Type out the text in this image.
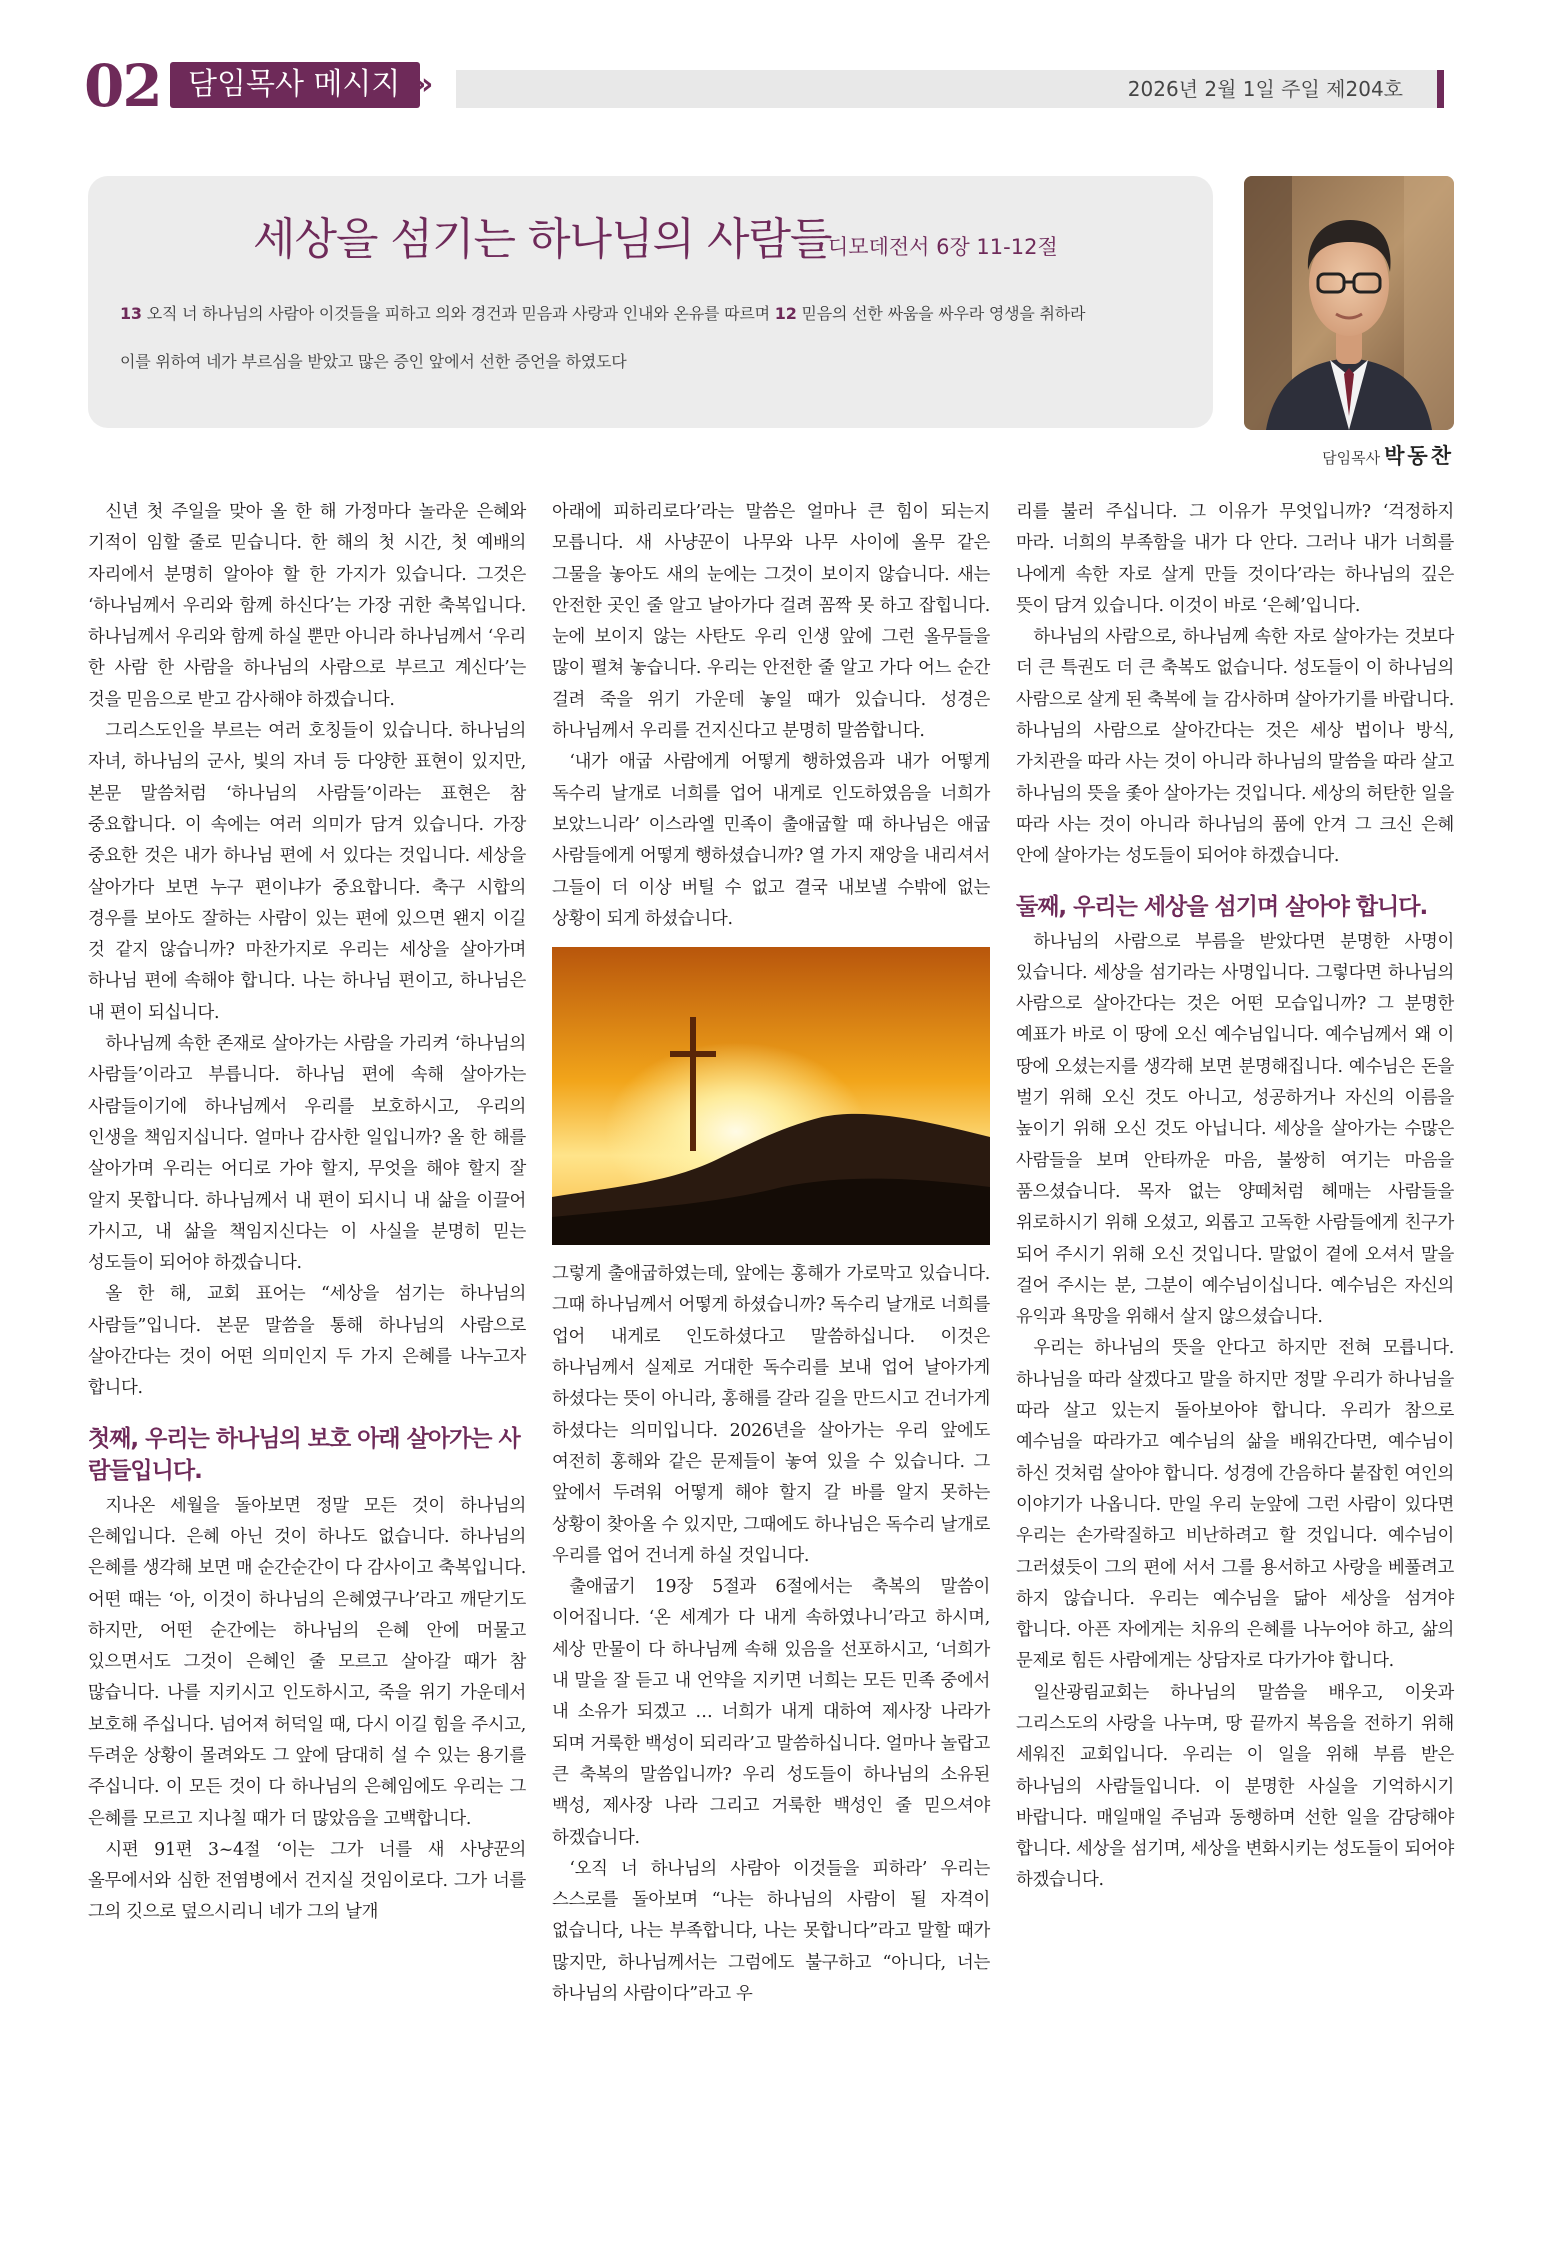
02 담임목사 메시지 »	2026년 2월 1일 주일 제204호
세상을 섬기는 하나님의 사람들
디모데전서 6장 11-12절
13 오직 너 하나님의 사람아 이것들을 피하고 의와 경건과 믿음과 사랑과 인내와 온유를 따르며 12 믿음의 선한 싸움을 싸우라 영생을 취하라
이를 위하여 네가 부르심을 받았고 많은 증인 앞에서 선한 증언을 하였도다
담임목사 박동찬

신년 첫 주일을 맞아 올 한 해 가정마다 놀라운 은혜와 기적이 임할 줄로 믿습니다. 한 해의 첫 시간, 첫 예배의 자리에서 분명히 알아야 할 한 가지가 있습니다. 그것은 ‘하나님께서 우리와 함께 하신다’는 가장 귀한 축복입니다. 하나님께서 우리와 함께 하실 뿐만 아니라 하나님께서 ‘우리 한 사람 한 사람을 하나님의 사람으로 부르고 계신다’는 것을 믿음으로 받고 감사해야 하겠습니다.

그리스도인을 부르는 여러 호칭들이 있습니다. 하나님의 자녀, 하나님의 군사, 빛의 자녀 등 다양한 표현이 있지만, 본문 말씀처럼 ‘하나님의 사람들’이라는 표현은 참 중요합니다. 이 속에는 여러 의미가 담겨 있습니다. 가장 중요한 것은 내가 하나님 편에 서 있다는 것입니다. 세상을 살아가다 보면 누구 편이냐가 중요합니다. 축구 시합의 경우를 보아도 잘하는 사람이 있는 편에 있으면 왠지 이길 것 같지 않습니까? 마찬가지로 우리는 세상을 살아가며 하나님 편에 속해야 합니다. 나는 하나님 편이고, 하나님은 내 편이 되십니다.

하나님께 속한 존재로 살아가는 사람을 가리켜 ‘하나님의 사람들’이라고 부릅니다. 하나님 편에 속해 살아가는 사람들이기에 하나님께서 우리를 보호하시고, 우리의 인생을 책임지십니다. 얼마나 감사한 일입니까? 올 한 해를 살아가며 우리는 어디로 가야 할지, 무엇을 해야 할지 잘 알지 못합니다. 하나님께서 내 편이 되시니 내 삶을 이끌어 가시고, 내 삶을 책임지신다는 이 사실을 분명히 믿는 성도들이 되어야 하겠습니다.

올 한 해, 교회 표어는 “세상을 섬기는 하나님의 사람들”입니다. 본문 말씀을 통해 하나님의 사람으로 살아간다는 것이 어떤 의미인지 두 가지 은혜를 나누고자 합니다.

첫째, 우리는 하나님의 보호 아래 살아가는 사람들입니다.

지나온 세월을 돌아보면 정말 모든 것이 하나님의 은혜입니다. 은혜 아닌 것이 하나도 없습니다. 하나님의 은혜를 생각해 보면 매 순간순간이 다 감사이고 축복입니다. 어떤 때는 ‘아, 이것이 하나님의 은혜였구나’라고 깨닫기도 하지만, 어떤 순간에는 하나님의 은혜 안에 머물고 있으면서도 그것이 은혜인 줄 모르고 살아갈 때가 참 많습니다. 나를 지키시고 인도하시고, 죽을 위기 가운데서 보호해 주십니다. 넘어져 허덕일 때, 다시 이길 힘을 주시고, 두려운 상황이 몰려와도 그 앞에 담대히 설 수 있는 용기를 주십니다. 이 모든 것이 다 하나님의 은혜임에도 우리는 그 은혜를 모르고 지나칠 때가 더 많았음을 고백합니다.

시편 91편 3~4절 ‘이는 그가 너를 새 사냥꾼의 올무에서와 심한 전염병에서 건지실 것임이로다. 그가 너를 그의 깃으로 덮으시리니 네가 그의 날개

아래에 피하리로다’라는 말씀은 얼마나 큰 힘이 되는지 모릅니다. 새 사냥꾼이 나무와 나무 사이에 올무 같은 그물을 놓아도 새의 눈에는 그것이 보이지 않습니다. 새는 안전한 곳인 줄 알고 날아가다 걸려 꼼짝 못 하고 잡힙니다. 눈에 보이지 않는 사탄도 우리 인생 앞에 그런 올무들을 많이 펼쳐 놓습니다. 우리는 안전한 줄 알고 가다 어느 순간 걸려 죽을 위기 가운데 놓일 때가 있습니다. 성경은 하나님께서 우리를 건지신다고 분명히 말씀합니다.

‘내가 애굽 사람에게 어떻게 행하였음과 내가 어떻게 독수리 날개로 너희를 업어 내게로 인도하였음을 너희가 보았느니라’ 이스라엘 민족이 출애굽할 때 하나님은 애굽 사람들에게 어떻게 행하셨습니까? 열 가지 재앙을 내리셔서 그들이 더 이상 버틸 수 없고 결국 내보낼 수밖에 없는 상황이 되게 하셨습니다.

그렇게 출애굽하였는데, 앞에는 홍해가 가로막고 있습니다. 그때 하나님께서 어떻게 하셨습니까? 독수리 날개로 너희를 업어 내게로 인도하셨다고 말씀하십니다. 이것은 하나님께서 실제로 거대한 독수리를 보내 업어 날아가게 하셨다는 뜻이 아니라, 홍해를 갈라 길을 만드시고 건너가게 하셨다는 의미입니다. 2026년을 살아가는 우리 앞에도 여전히 홍해와 같은 문제들이 놓여 있을 수 있습니다. 그 앞에서 두려워 어떻게 해야 할지 갈 바를 알지 못하는 상황이 찾아올 수 있지만, 그때에도 하나님은 독수리 날개로 우리를 업어 건너게 하실 것입니다.

출애굽기 19장 5절과 6절에서는 축복의 말씀이 이어집니다. ‘온 세계가 다 내게 속하였나니’라고 하시며, 세상 만물이 다 하나님께 속해 있음을 선포하시고, ‘너희가 내 말을 잘 듣고 내 언약을 지키면 너희는 모든 민족 중에서 내 소유가 되겠고 … 너희가 내게 대하여 제사장 나라가 되며 거룩한 백성이 되리라’고 말씀하십니다. 얼마나 놀랍고 큰 축복의 말씀입니까? 우리 성도들이 하나님의 소유된 백성, 제사장 나라 그리고 거룩한 백성인 줄 믿으셔야 하겠습니다.

‘오직 너 하나님의 사람아 이것들을 피하라’ 우리는 스스로를 돌아보며 “나는 하나님의 사람이 될 자격이 없습니다, 나는 부족합니다, 나는 못합니다”라고 말할 때가 많지만, 하나님께서는 그럼에도 불구하고 “아니다, 너는 하나님의 사람이다”라고 우

리를 불러 주십니다. 그 이유가 무엇입니까? ‘걱정하지 마라. 너희의 부족함을 내가 다 안다. 그러나 내가 너희를 나에게 속한 자로 살게 만들 것이다’라는 하나님의 깊은 뜻이 담겨 있습니다. 이것이 바로 ‘은혜’입니다.

하나님의 사람으로, 하나님께 속한 자로 살아가는 것보다 더 큰 특권도 더 큰 축복도 없습니다. 성도들이 이 하나님의 사람으로 살게 된 축복에 늘 감사하며 살아가기를 바랍니다. 하나님의 사람으로 살아간다는 것은 세상 법이나 방식, 가치관을 따라 사는 것이 아니라 하나님의 말씀을 따라 살고 하나님의 뜻을 좇아 살아가는 것입니다. 세상의 허탄한 일을 따라 사는 것이 아니라 하나님의 품에 안겨 그 크신 은혜 안에 살아가는 성도들이 되어야 하겠습니다.

둘째, 우리는 세상을 섬기며 살아야 합니다.

하나님의 사람으로 부름을 받았다면 분명한 사명이 있습니다. 세상을 섬기라는 사명입니다. 그렇다면 하나님의 사람으로 살아간다는 것은 어떤 모습입니까? 그 분명한 예표가 바로 이 땅에 오신 예수님입니다. 예수님께서 왜 이 땅에 오셨는지를 생각해 보면 분명해집니다. 예수님은 돈을 벌기 위해 오신 것도 아니고, 성공하거나 자신의 이름을 높이기 위해 오신 것도 아닙니다. 세상을 살아가는 수많은 사람들을 보며 안타까운 마음, 불쌍히 여기는 마음을 품으셨습니다. 목자 없는 양떼처럼 헤매는 사람들을 위로하시기 위해 오셨고, 외롭고 고독한 사람들에게 친구가 되어 주시기 위해 오신 것입니다. 말없이 곁에 오셔서 말을 걸어 주시는 분, 그분이 예수님이십니다. 예수님은 자신의 유익과 욕망을 위해서 살지 않으셨습니다.

우리는 하나님의 뜻을 안다고 하지만 전혀 모릅니다. 하나님을 따라 살겠다고 말을 하지만 정말 우리가 하나님을 따라 살고 있는지 돌아보아야 합니다. 우리가 참으로 예수님을 따라가고 예수님의 삶을 배워간다면, 예수님이 하신 것처럼 살아야 합니다. 성경에 간음하다 붙잡힌 여인의 이야기가 나옵니다. 만일 우리 눈앞에 그런 사람이 있다면 우리는 손가락질하고 비난하려고 할 것입니다. 예수님이 그러셨듯이 그의 편에 서서 그를 용서하고 사랑을 베풀려고 하지 않습니다. 우리는 예수님을 닮아 세상을 섬겨야 합니다. 아픈 자에게는 치유의 은혜를 나누어야 하고, 삶의 문제로 힘든 사람에게는 상담자로 다가가야 합니다.

일산광림교회는 하나님의 말씀을 배우고, 이웃과 그리스도의 사랑을 나누며, 땅 끝까지 복음을 전하기 위해 세워진 교회입니다. 우리는 이 일을 위해 부름 받은 하나님의 사람들입니다. 이 분명한 사실을 기억하시기 바랍니다. 매일매일 주님과 동행하며 선한 일을 감당해야 합니다. 세상을 섬기며, 세상을 변화시키는 성도들이 되어야 하겠습니다.
